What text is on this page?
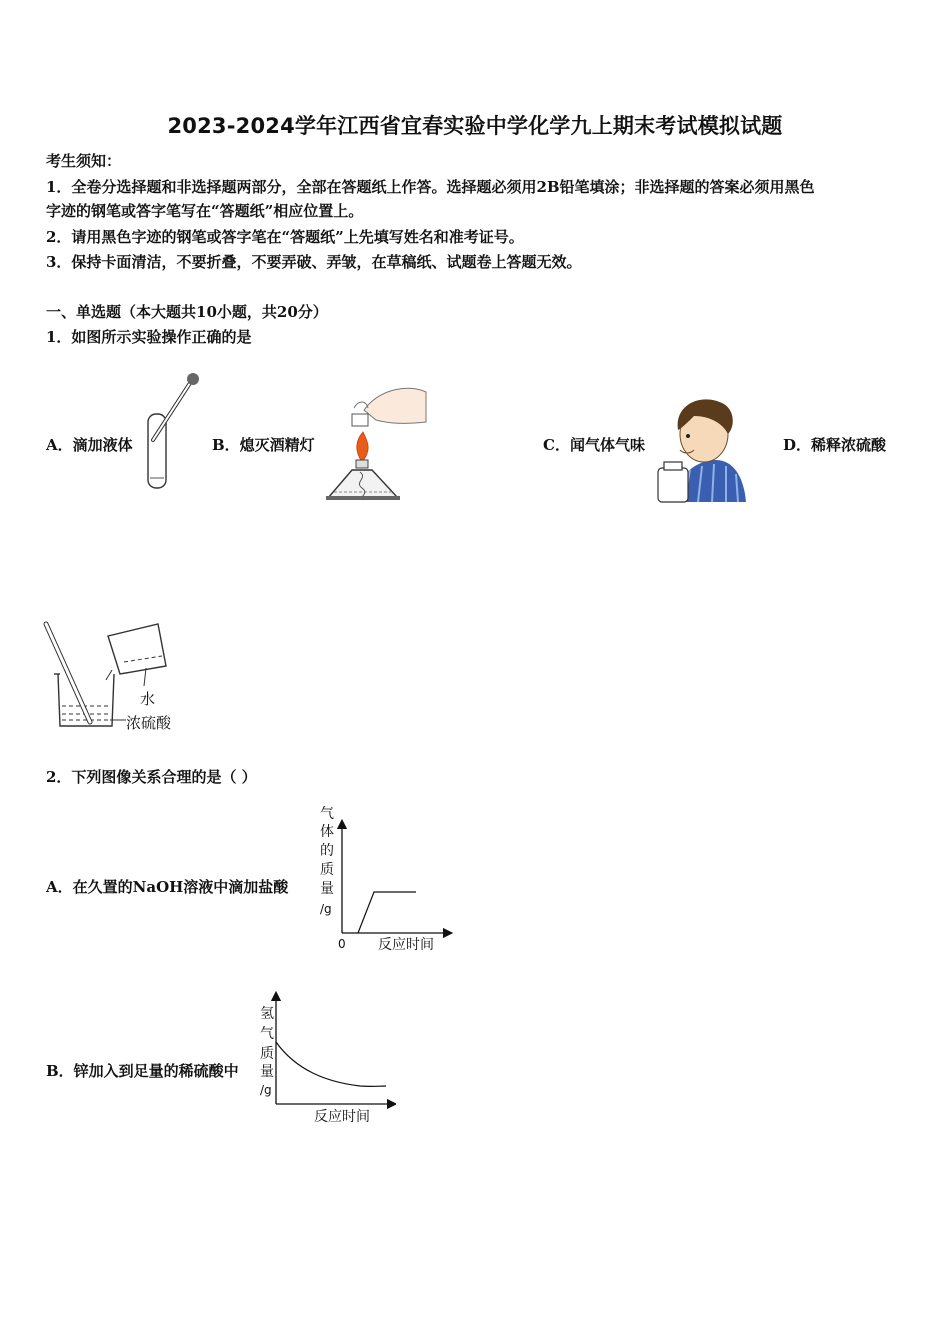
2023-2024学年江西省宜春实验中学化学九上期末考试模拟试题
考生须知：
1．全卷分选择题和非选择题两部分，全部在答题纸上作答。选择题必须用2B铅笔填涂；非选择题的答案必须用黑色
字迹的钢笔或答字笔写在“答题纸”相应位置上。
2．请用黑色字迹的钢笔或答字笔在“答题纸”上先填写姓名和准考证号。
3．保持卡面清洁，不要折叠，不要弄破、弄皱，在草稿纸、试题卷上答题无效。
一、单选题（本大题共10小题，共20分）
1．如图所示实验操作正确的是
A．滴加液体	B．熄灭酒精灯	C．闻气体气味	D．稀释浓硫酸
水
浓硫酸
2．下列图像关系合理的是（ ）
A．在久置的NaOH溶液中滴加盐酸
气
体
的
质
量
/g
0 反应时间
B．锌加入到足量的稀硫酸中
氢
气
质
量
/g
反应时间
